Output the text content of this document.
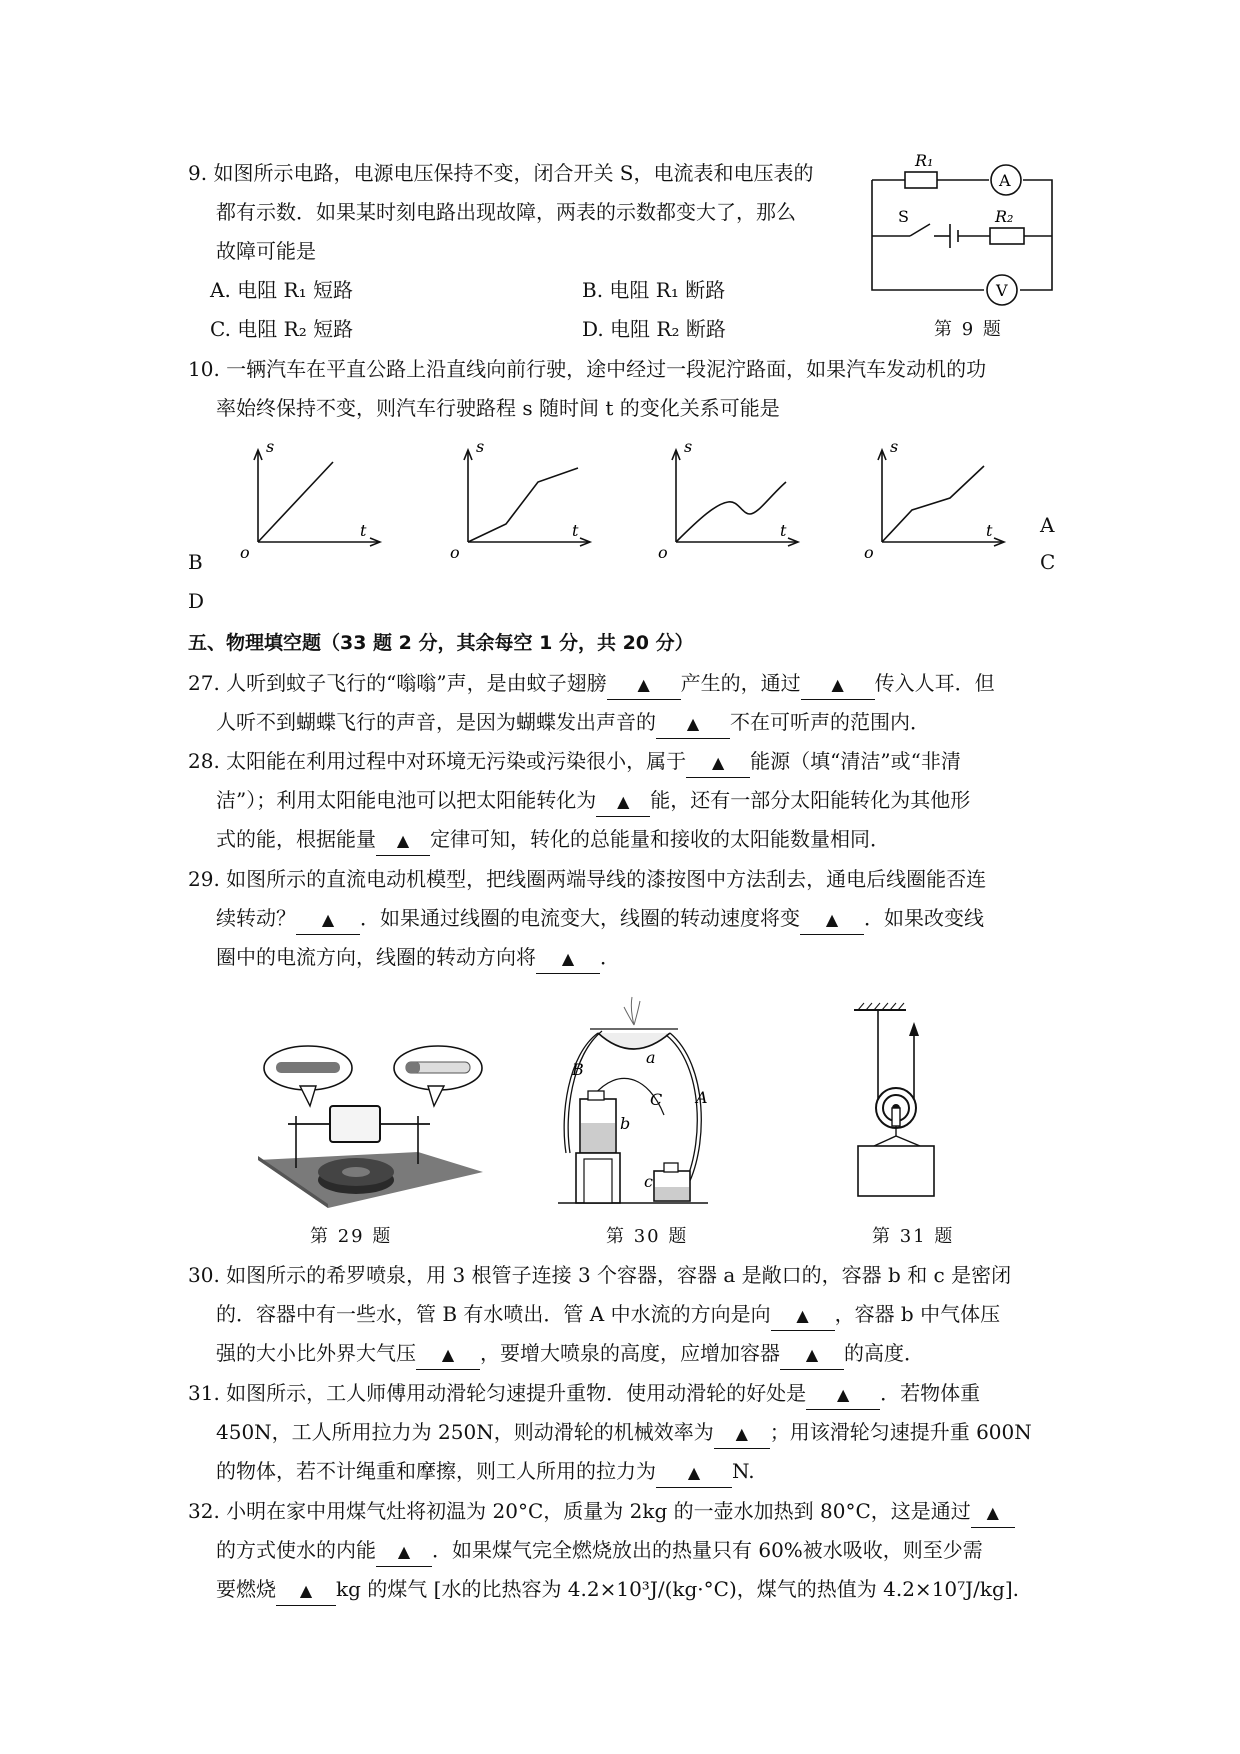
9. 如图所示电路，电源电压保持不变，闭合开关 S，电流表和电压表的
都有示数．如果某时刻电路出现故障，两表的示数都变大了，那么
故障可能是
A. 电阻 R₁ 短路	B. 电阻 R₁ 断路
C. 电阻 R₂ 短路	D. 电阻 R₂ 断路
R₁
A
V
S	R₂
第 9 题
10. 一辆汽车在平直公路上沿直线向前行驶，途中经过一段泥泞路面，如果汽车发动机的功
率始终保持不变，则汽车行驶路程 s 随时间 t 的变化关系可能是
s
t
o
s
t
o
s
t
o
s
t
o
A
B	C
D
五、物理填空题（33 题 2 分，其余每空 1 分，共 20 分）
27. 人听到蚊子飞行的“嗡嗡”声，是由蚊子翅膀 ▲ 产生的，通过 ▲ 传入人耳．但
人听不到蝴蝶飞行的声音，是因为蝴蝶发出声音的 ▲ 不在可听声的范围内．
28. 太阳能在利用过程中对环境无污染或污染很小，属于 ▲ 能源（填“清洁”或“非清
洁”）；利用太阳能电池可以把太阳能转化为 ▲ 能，还有一部分太阳能转化为其他形
式的能，根据能量 ▲ 定律可知，转化的总能量和接收的太阳能数量相同．
29. 如图所示的直流电动机模型，把线圈两端导线的漆按图中方法刮去，通电后线圈能否连
续转动？ ▲ ．如果通过线圈的电流变大，线圈的转动速度将变 ▲ ．如果改变线
圈中的电流方向，线圈的转动方向将 ▲ ．
a
b
c
A
B
C
第 29 题	第 30 题	第 31 题
30. 如图所示的希罗喷泉，用 3 根管子连接 3 个容器，容器 a 是敞口的，容器 b 和 c 是密闭
的．容器中有一些水，管 B 有水喷出．管 A 中水流的方向是向 ▲ ，容器 b 中气体压
强的大小比外界大气压 ▲ ，要增大喷泉的高度，应增加容器 ▲ 的高度．
31. 如图所示，工人师傅用动滑轮匀速提升重物．使用动滑轮的好处是 ▲ ．若物体重
450N，工人所用拉力为 250N，则动滑轮的机械效率为 ▲ ；用该滑轮匀速提升重 600N
的物体，若不计绳重和摩擦，则工人所用的拉力为 ▲ N.
32. 小明在家中用煤气灶将初温为 20°C，质量为 2kg 的一壶水加热到 80°C，这是通过 ▲
的方式使水的内能 ▲ ．如果煤气完全燃烧放出的热量只有 60%被水吸收，则至少需
要燃烧 ▲ kg 的煤气 [水的比热容为 4.2×10³J/(kg·°C)，煤气的热值为 4.2×10⁷J/kg].
